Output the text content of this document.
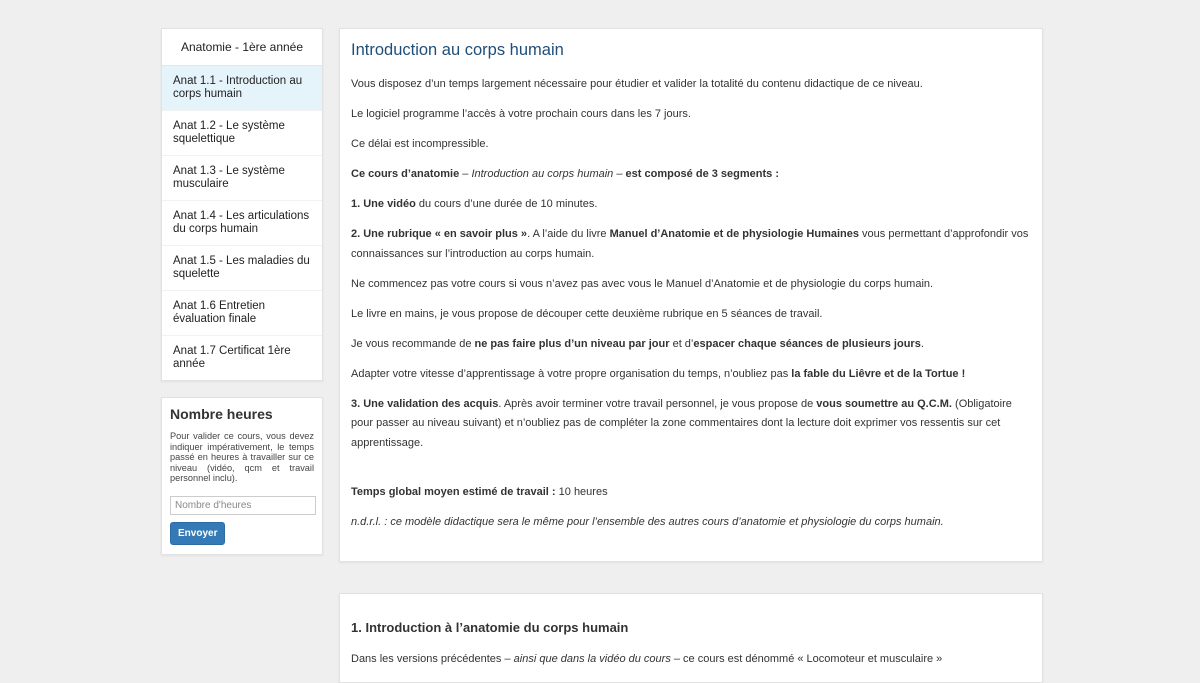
Anatomie - 1ère année
Anat 1.1 - Introduction au corps humain
Anat 1.2 - Le système squelettique
Anat 1.3 - Le système musculaire
Anat 1.4 - Les articulations du corps humain
Anat 1.5 - Les maladies du squelette
Anat 1.6 Entretien évaluation finale
Anat 1.7 Certificat 1ère année
Nombre heures
Pour valider ce cours, vous devez indiquer impérativement, le temps passé en heures à travailler sur ce niveau (vidéo, qcm et travail personnel inclu).
Nombre d'heures Envoyer
Introduction au corps humain

Vous disposez d’un temps largement nécessaire pour étudier et valider la totalité du contenu didactique de ce niveau.

Le logiciel programme l’accès à votre prochain cours dans les 7 jours.

Ce délai est incompressible.

Ce cours d’anatomie – Introduction au corps humain – est composé de 3 segments :

1. Une vidéo du cours d’une durée de 10 minutes.

2. Une rubrique « en savoir plus ». A l’aide du livre Manuel d’Anatomie et de physiologie Humaines vous permettant d’approfondir vos connaissances sur l’introduction au corps humain.

Ne commencez pas votre cours si vous n’avez pas avec vous le Manuel d’Anatomie et de physiologie du corps humain.

Le livre en mains, je vous propose de découper cette deuxième rubrique en 5 séances de travail.

Je vous recommande de ne pas faire plus d’un niveau par jour et d’espacer chaque séances de plusieurs jours.

Adapter votre vitesse d’apprentissage à votre propre organisation du temps, n’oubliez pas la fable du Liêvre et de la Tortue !

3. Une validation des acquis. Après avoir terminer votre travail personnel, je vous propose de vous soumettre au Q.C.M. (Obligatoire pour passer au niveau suivant) et n’oubliez pas de compléter la zone commentaires dont la lecture doit exprimer vos ressentis sur cet apprentissage.

Temps global moyen estimé de travail : 10 heures

n.d.r.l. : ce modèle didactique sera le même pour l’ensemble des autres cours d’anatomie et physiologie du corps humain.

1. Introduction à l’anatomie du corps humain

Dans les versions précédentes – ainsi que dans la vidéo du cours – ce cours est dénommé « Locomoteur et musculaire »
